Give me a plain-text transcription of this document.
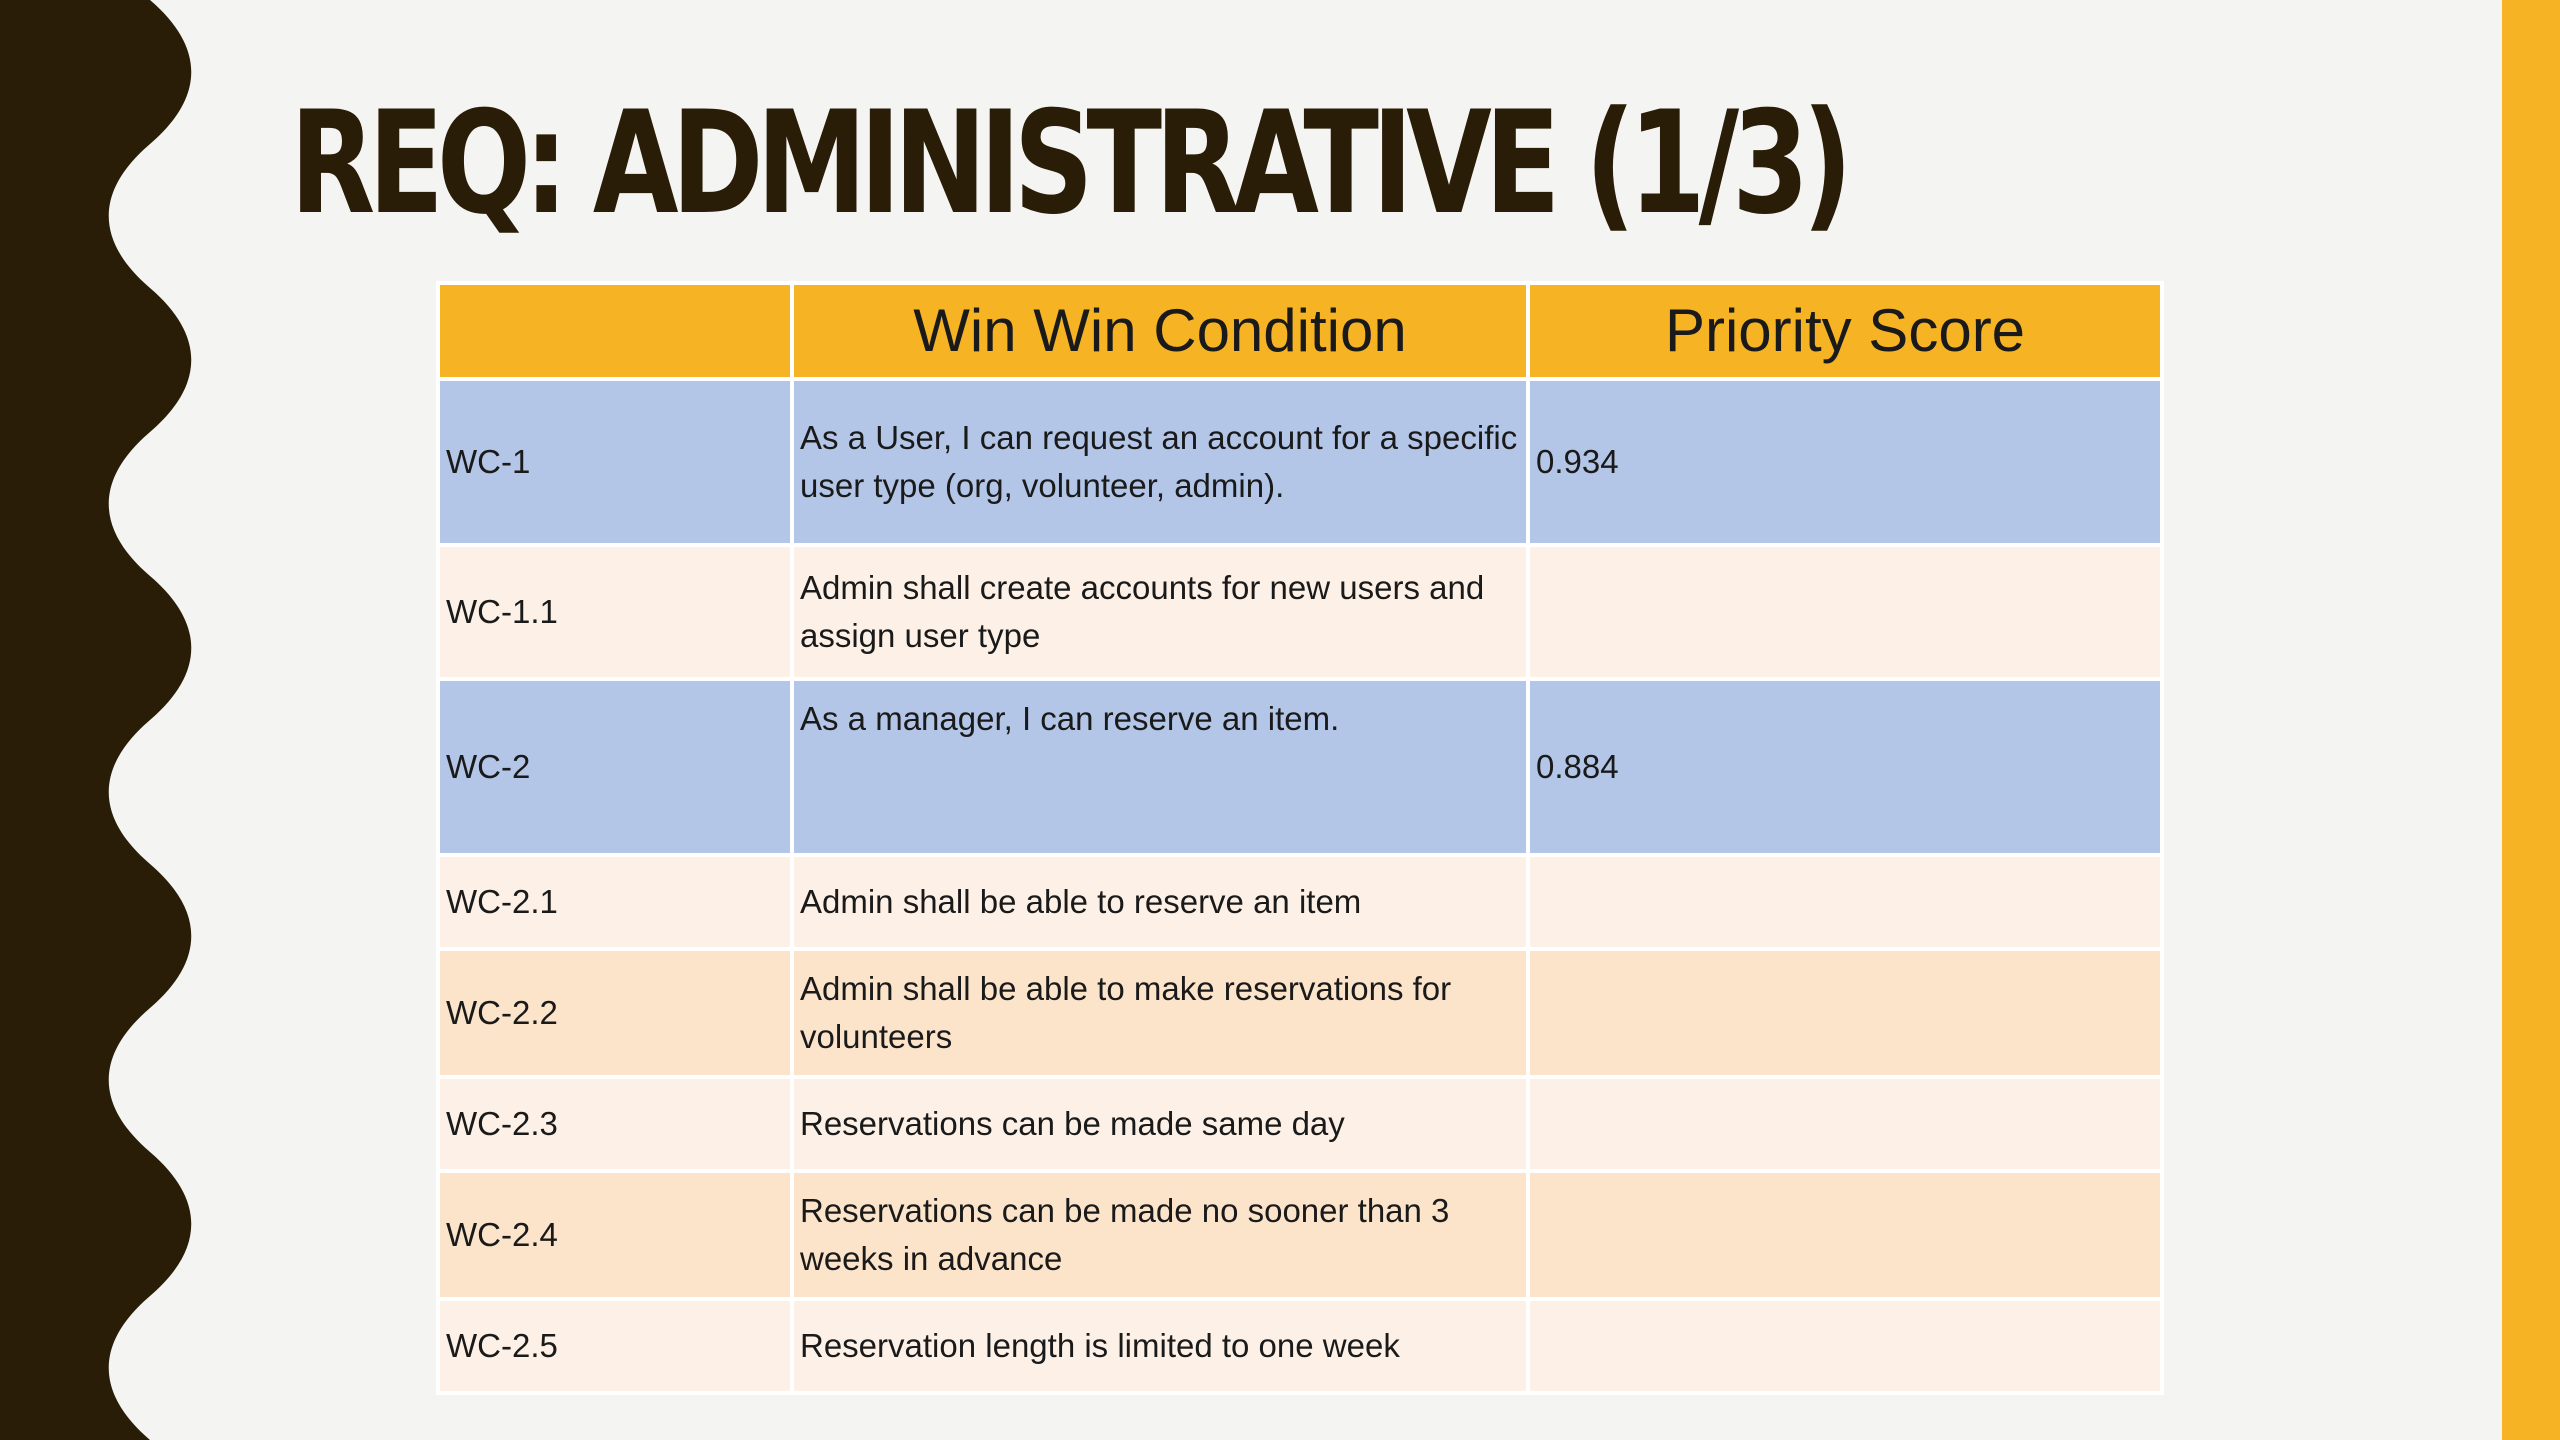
REQ: ADMINISTRATIVE (1/3)
	Win Win Condition	Priority Score
WC-1	As a User, I can request an account for a specific user type (org, volunteer, admin).	0.934
WC-1.1	Admin shall create accounts for new users and assign user type	
WC-2	As a manager, I can reserve an item.	0.884
WC-2.1	Admin shall be able to reserve an item	
WC-2.2	Admin shall be able to make reservations for volunteers	
WC-2.3	Reservations can be made same day	
WC-2.4	Reservations can be made no sooner than 3 weeks in advance	
WC-2.5	Reservation length is limited to one week	
